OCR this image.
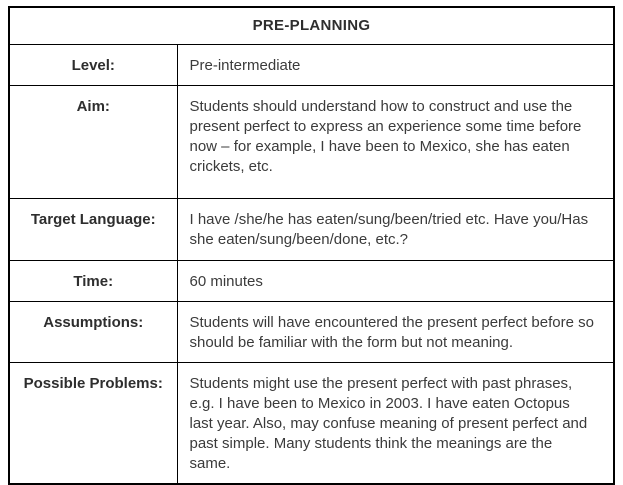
PRE-PLANNING	
Level:	Pre-intermediate
Aim:	Students should understand how to construct and use the present perfect to express an experience some time before now – for example, I have been to Mexico, she has eaten crickets, etc.
Target Language:	I have /she/he has eaten/sung/been/tried etc. Have you/Has she eaten/sung/been/done, etc.?
Time:	60 minutes
Assumptions:	Students will have encountered the present perfect before so should be familiar with the form but not meaning.
Possible Problems:	Students might use the present perfect with past phrases, e.g. I have been to Mexico in 2003. I have eaten Octopus last year. Also, may confuse meaning of present perfect and past simple. Many students think the meanings are the same.
